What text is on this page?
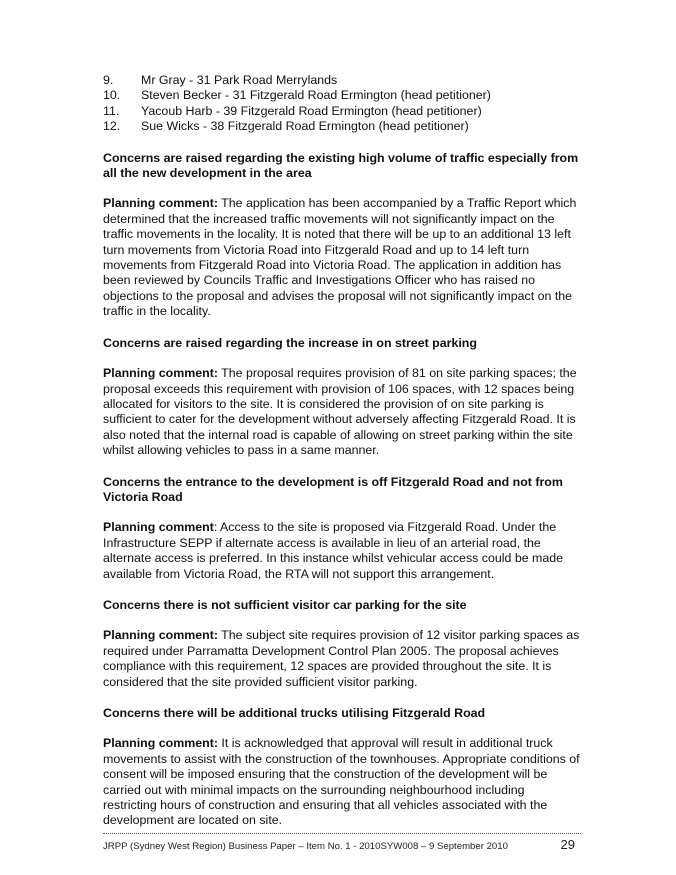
9.	Mr Gray - 31 Park Road Merrylands
10.	Steven Becker - 31 Fitzgerald Road Ermington (head petitioner)
11.	Yacoub Harb - 39 Fitzgerald Road Ermington (head petitioner)
12.	Sue Wicks - 38 Fitzgerald Road Ermington (head petitioner)
Concerns are raised regarding the existing high volume of traffic especially from all the new development in the area

Planning comment: The application has been accompanied by a Traffic Report which determined that the increased traffic movements will not significantly impact on the traffic movements in the locality. It is noted that there will be up to an additional 13 left turn movements from Victoria Road into Fitzgerald Road and up to 14 left turn movements from Fitzgerald Road into Victoria Road. The application in addition has been reviewed by Councils Traffic and Investigations Officer who has raised no objections to the proposal and advises the proposal will not significantly impact on the traffic in the locality.

Concerns are raised regarding the increase in on street parking

Planning comment: The proposal requires provision of 81 on site parking spaces; the proposal exceeds this requirement with provision of 106 spaces, with 12 spaces being allocated for visitors to the site. It is considered the provision of on site parking is sufficient to cater for the development without adversely affecting Fitzgerald Road. It is also noted that the internal road is capable of allowing on street parking within the site whilst allowing vehicles to pass in a same manner.

Concerns the entrance to the development is off Fitzgerald Road and not from Victoria Road

Planning comment: Access to the site is proposed via Fitzgerald Road. Under the Infrastructure SEPP if alternate access is available in lieu of an arterial road, the alternate access is preferred. In this instance whilst vehicular access could be made available from Victoria Road, the RTA will not support this arrangement.

Concerns there is not sufficient visitor car parking for the site

Planning comment: The subject site requires provision of 12 visitor parking spaces as required under Parramatta Development Control Plan 2005. The proposal achieves compliance with this requirement, 12 spaces are provided throughout the site. It is considered that the site provided sufficient visitor parking.

Concerns there will be additional trucks utilising Fitzgerald Road

Planning comment: It is acknowledged that approval will result in additional truck movements to assist with the construction of the townhouses. Appropriate conditions of consent will be imposed ensuring that the construction of the development will be carried out with minimal impacts on the surrounding neighbourhood including restricting hours of construction and ensuring that all vehicles associated with the development are located on site.

JRPP (Sydney West Region) Business Paper – Item No. 1 - 2010SYW008 – 9 September 2010	29
